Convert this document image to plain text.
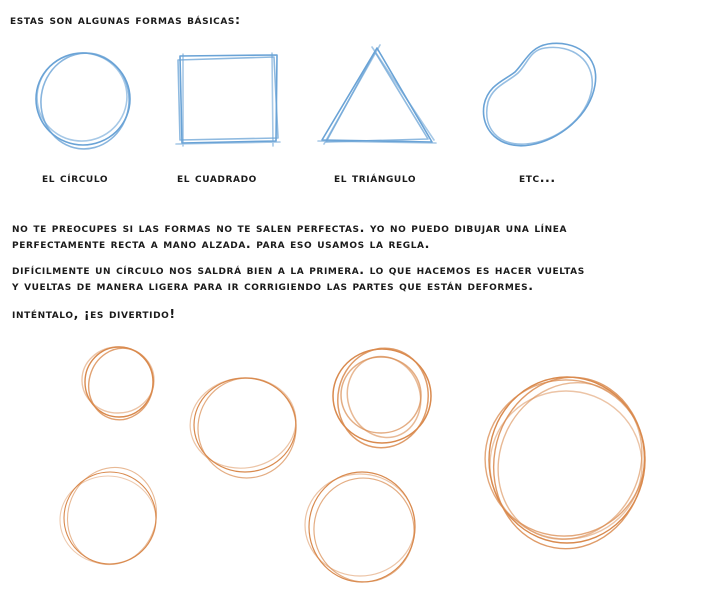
estas son algunas formas básicas:
el círculo	el cuadrado	el triángulo	etc...
no te preocupes si las formas no te salen perfectas. yo no puedo dibujar una línea
perfectamente recta a mano alzada. para eso usamos la regla.
difícilmente un círculo nos saldrá bien a la primera. lo que hacemos es hacer vueltas
y vueltas de manera ligera para ir corrigiendo las partes que están deformes.
inténtalo, ¡es divertido!
